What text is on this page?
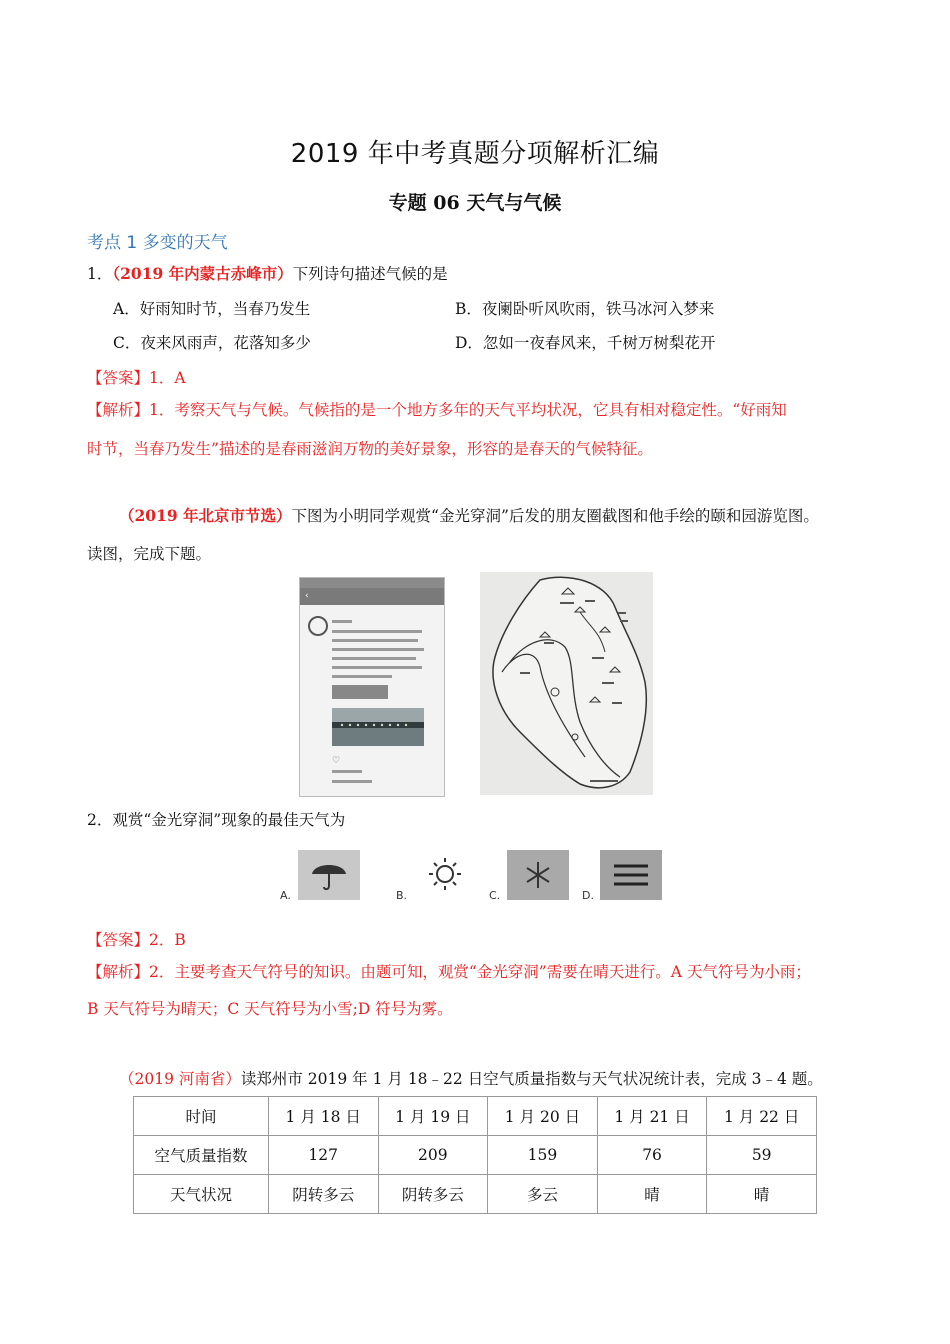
2019 年中考真题分项解析汇编
专题 06 天气与气候
考点 1 多变的天气
1．（2019 年内蒙古赤峰市）下列诗句描述气候的是
A．好雨知时节，当春乃发生	B．夜阑卧听风吹雨，铁马冰河入梦来
C．夜来风雨声，花落知多少	D．忽如一夜春风来，千树万树梨花开
【答案】1．A
【解析】1．考察天气与气候。气候指的是一个地方多年的天气平均状况，它具有相对稳定性。“好雨知
时节，当春乃发生”描述的是春雨滋润万物的美好景象，形容的是春天的气候特征。
（2019 年北京市节选）下图为小明同学观赏“金光穿洞”后发的朋友圈截图和他手绘的颐和园游览图。
读图，完成下题。
‹
♡
2．观赏“金光穿洞”现象的最佳天气为
A.	B.	C.	D.
【答案】2．B
【解析】2．主要考查天气符号的知识。由题可知，观赏“金光穿洞”需要在晴天进行。A 天气符号为小雨；
B 天气符号为晴天；C 天气符号为小雪;D 符号为雾。
（2019 河南省）读郑州市 2019 年 1 月 18﹣22 日空气质量指数与天气状况统计表，完成 3﹣4 题。
时间	1 月 18 日	1 月 19 日	1 月 20 日	1 月 21 日	1 月 22 日
空气质量指数	127	209	159	76	59
天气状况	阴转多云	阴转多云	多云	晴	晴
